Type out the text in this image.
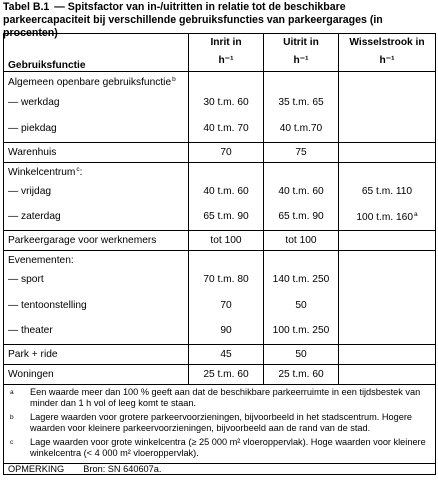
Tabel B.1 — Spitsfactor van in-/uitritten in relatie tot de beschikbare parkeercapaciteit bij verschillende gebruiksfuncties van parkeergarages (in procenten)
Gebruiksfunctie	Inrit in	Uitrit in	Wisselstrook in
h⁻¹	h⁻¹	h⁻¹
Algemeen openbare gebruiksfunctie$^b$			
— werkdag	30 t.m. 60	35 t.m. 65	
— piekdag	40 t.m. 70	40 t.m.70	
Warenhuis	70	75	
Winkelcentrum$^c$:			
— vrijdag	40 t.m. 60	40 t.m. 60	65 t.m. 110
— zaterdag	65 t.m. 90	65 t.m. 90	100 t.m. 160$^a$
Parkeergarage voor werknemers	tot 100	tot 100	
Evenementen:			
— sport	70 t.m. 80	140 t.m. 250	
— tentoonstelling	70	50	
— theater	90	100 t.m. 250	
Park + ride	45	50	
Woningen	25 t.m. 60	25 t.m. 60	

a	Een waarde meer dan 100 % geeft aan dat de beschikbare parkeerruimte in een tijdsbestek van minder dan 1 h vol of leeg komt te staan.
b	Lagere waarden voor grotere parkeervoorzieningen, bijvoorbeeld in het stadscentrum. Hogere waarden voor kleinere parkeervoorzieningen, bijvoorbeeld aan de rand van de stad.
c	Lage waarden voor grote winkelcentra (≥ 25 000 m² vloeroppervlak). Hoge waarden voor kleinere winkelcentra (< 4 000 m² vloeroppervlak).

OPMERKING Bron: SN 640607a.
